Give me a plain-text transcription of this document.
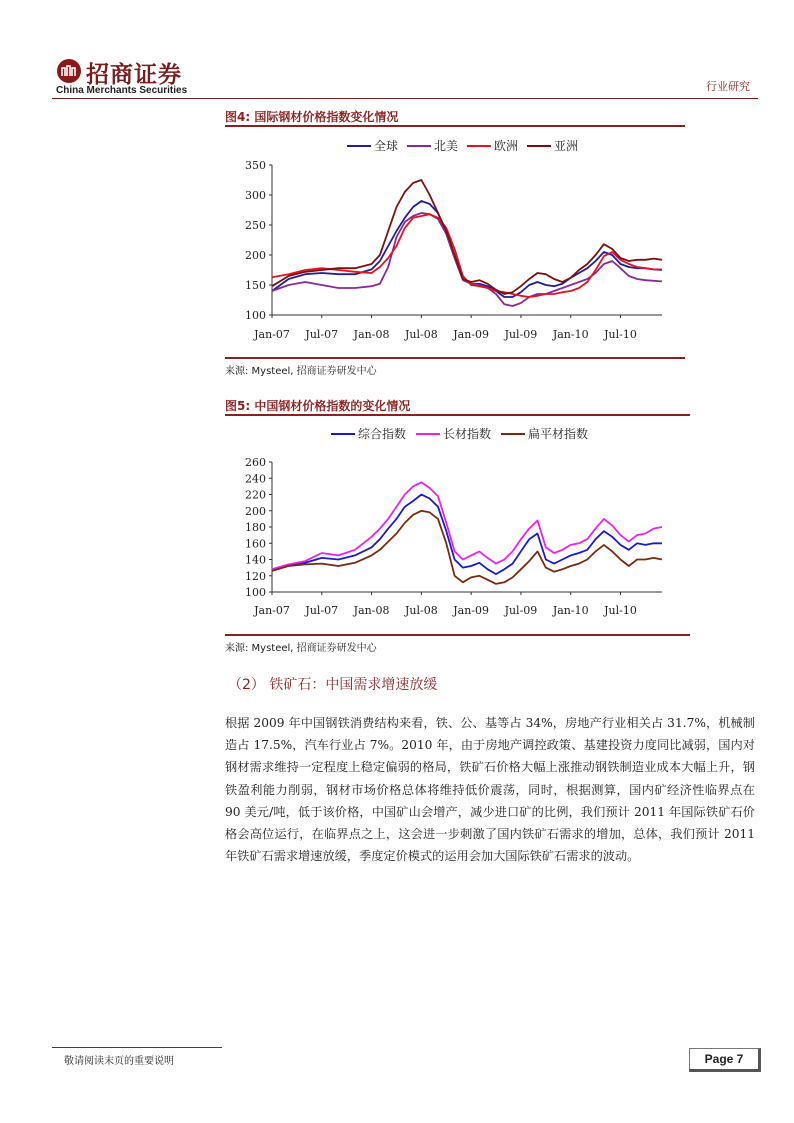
招商证券
China Merchants Securities	行业研究
图4: 国际钢材价格指数变化情况
100
150
200
250
300
350
Jan-07 Jul-07 Jan-08 Jul-08 Jan-09 Jul-09 Jan-10 Jul-10
全球	北美	欧洲	亚洲
来源: Mysteel, 招商证券研发中心
图5: 中国钢材价格指数的变化情况
100
120
140
160
180
200
220
240
260
Jan-07 Jul-07 Jan-08 Jul-08 Jan-09 Jul-09 Jan-10 Jul-10
综合指数	长材指数	扁平材指数
来源: Mysteel, 招商证券研发中心
（2） 铁矿石：中国需求增速放缓
根据 2009 年中国钢铁消费结构来看，铁、公、基等占 34%，房地产行业相关占 31.7%，机械制造占 17.5%，汽车行业占 7%。2010 年，由于房地产调控政策、基建投资力度同比减弱，国内对钢材需求维持一定程度上稳定偏弱的格局，铁矿石价格大幅上涨推动钢铁制造业成本大幅上升，钢铁盈利能力削弱，钢材市场价格总体将维持低价震荡，同时，根据测算，国内矿经济性临界点在 90 美元/吨，低于该价格，中国矿山会增产，减少进口矿的比例，我们预计 2011 年国际铁矿石价格会高位运行，在临界点之上，这会进一步刺激了国内铁矿石需求的增加，总体，我们预计 2011 年铁矿石需求增速放缓，季度定价模式的运用会加大国际铁矿石需求的波动。
敬请阅读末页的重要说明	Page 7
